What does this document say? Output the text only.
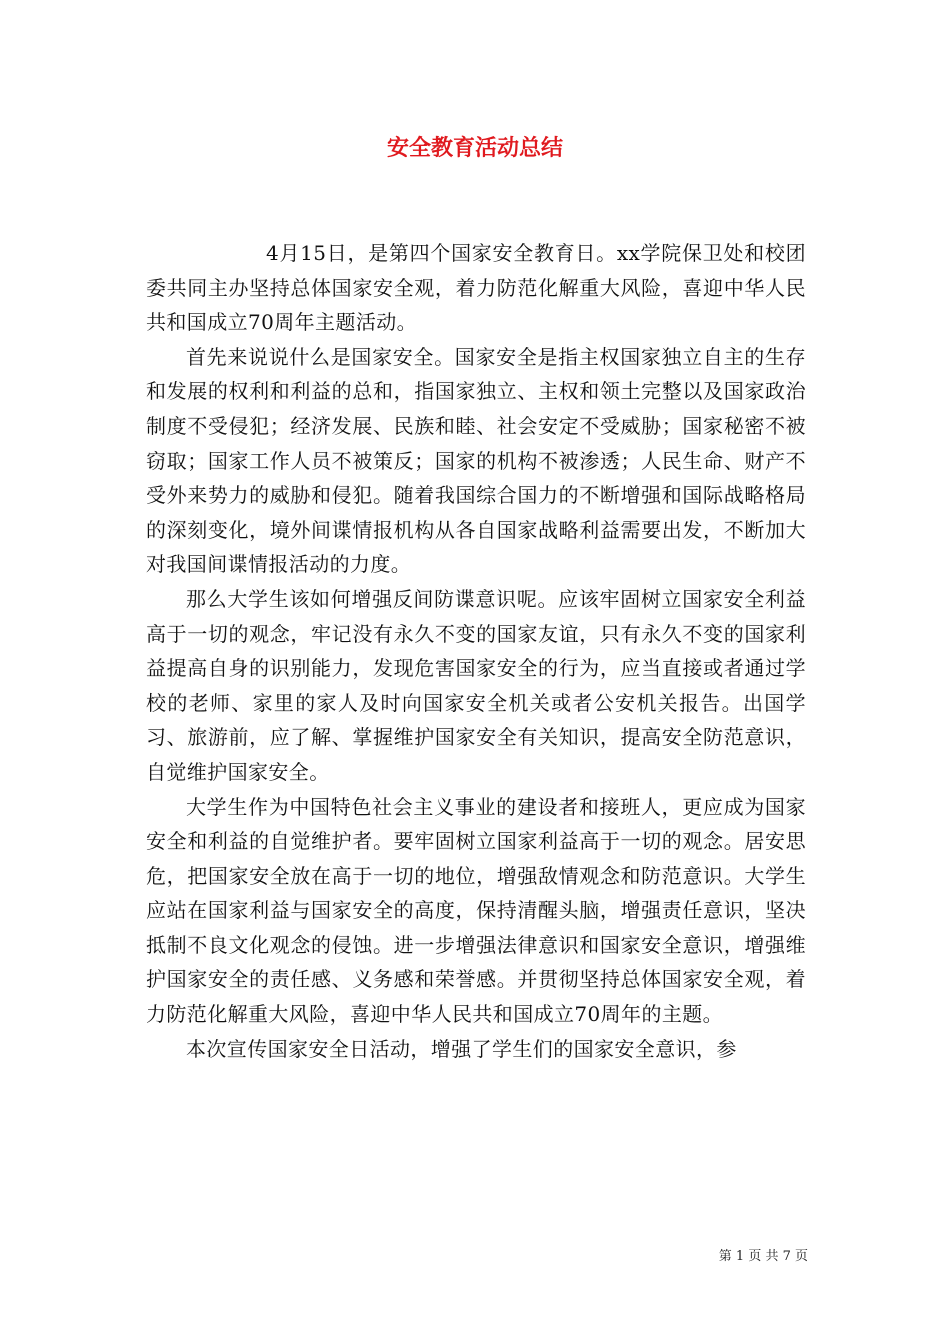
安全教育活动总结

4月15日，是第四个国家安全教育日。xx学院保卫处和校团委共同主办坚持总体国家安全观，着力防范化解重大风险，喜迎中华人民共和国成立70周年主题活动。

首先来说说什么是国家安全。国家安全是指主权国家独立自主的生存和发展的权利和利益的总和，指国家独立、主权和领土完整以及国家政治制度不受侵犯；经济发展、民族和睦、社会安定不受威胁；国家秘密不被窃取；国家工作人员不被策反；国家的机构不被渗透；人民生命、财产不受外来势力的威胁和侵犯。随着我国综合国力的不断增强和国际战略格局的深刻变化，境外间谍情报机构从各自国家战略利益需要出发，不断加大对我国间谍情报活动的力度。

那么大学生该如何增强反间防谍意识呢。应该牢固树立国家安全利益高于一切的观念，牢记没有永久不变的国家友谊，只有永久不变的国家利益提高自身的识别能力，发现危害国家安全的行为，应当直接或者通过学校的老师、家里的家人及时向国家安全机关或者公安机关报告。出国学习、旅游前，应了解、掌握维护国家安全有关知识，提高安全防范意识，自觉维护国家安全。

大学生作为中国特色社会主义事业的建设者和接班人，更应成为国家安全和利益的自觉维护者。要牢固树立国家利益高于一切的观念。居安思危，把国家安全放在高于一切的地位，增强敌情观念和防范意识。大学生应站在国家利益与国家安全的高度，保持清醒头脑，增强责任意识，坚决抵制不良文化观念的侵蚀。进一步增强法律意识和国家安全意识，增强维护国家安全的责任感、义务感和荣誉感。并贯彻坚持总体国家安全观，着力防范化解重大风险，喜迎中华人民共和国成立70周年的主题。

本次宣传国家安全日活动，增强了学生们的国家安全意识，参

第 1 页 共 7 页
